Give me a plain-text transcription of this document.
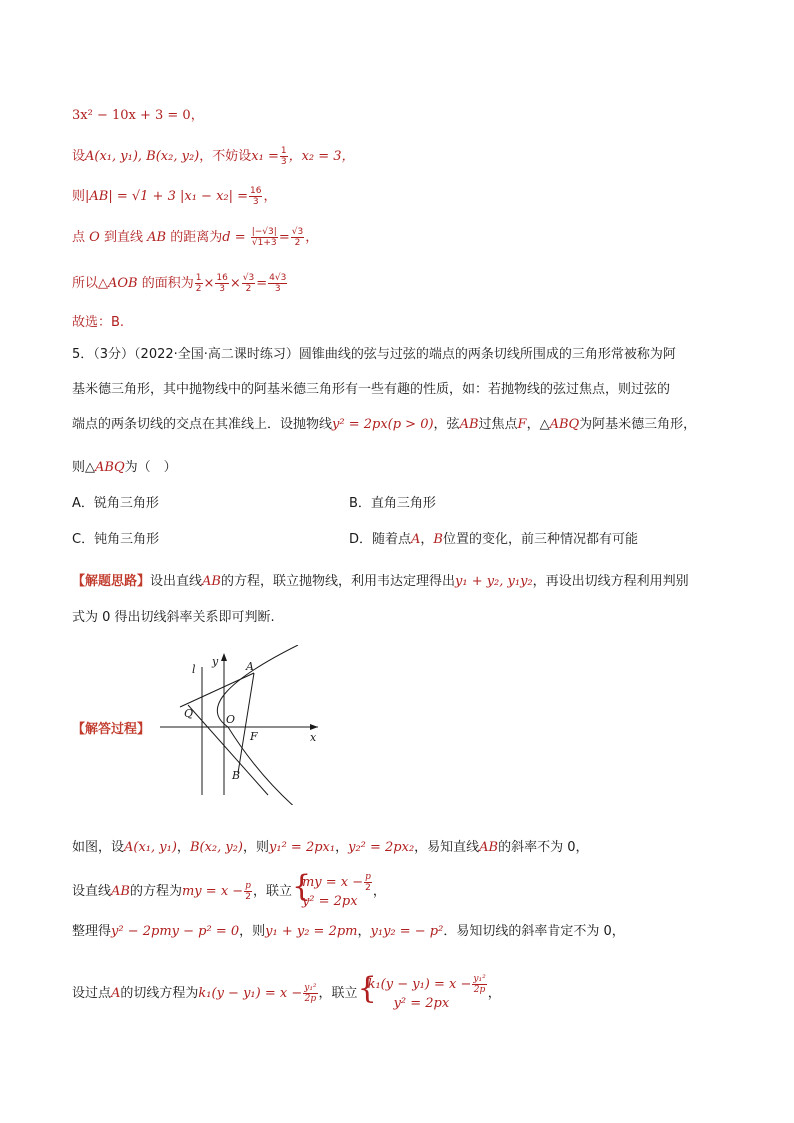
3x² − 10x + 3 = 0，
设A(x₁, y₁), B(x₂, y₂)，不妨设$x_1 = \frac{1}{3}$ ，x₂ = 3，
则|AB| = √1 + 3 $|x_1 - x_2| = \frac{16}{3}$ ，
点 O 到直线 AB 的距离为$d = \frac{|-√3|}{√1+3} = \frac{√3}{2}$ ，
所以△AOB 的面积为 $\frac{1}{2} \times \frac{16}{3} \times \frac{√3}{2} = \frac{4√3}{3}$
故选：B.
5．（3分）（2022·全国·高二课时练习）圆锥曲线的弦与过弦的端点的两条切线所围成的三角形常被称为阿
基米德三角形，其中抛物线中的阿基米德三角形有一些有趣的性质，如：若抛物线的弦过焦点，则过弦的
端点的两条切线的交点在其准线上．设抛物线y² = 2px(p > 0)，弦AB过焦点F，△ABQ为阿基米德三角形，
则△ABQ为（　）
A．锐角三角形	B．直角三角形
C．钝角三角形	D．随着点A，B位置的变化，前三种情况都有可能
【解题思路】设出直线AB的方程，联立抛物线，利用韦达定理得出y₁ + y₂, y₁y₂，再设出切线方程利用判别
式为 0 得出切线斜率关系即可判断.
【解答过程】
l
y	A
Q	O
F	x
B
如图，设A(x₁, y₁)，B(x₂, y₂)，则y₁² = 2px₁，y₂² = 2px₂，易知直线AB的斜率不为 0，
设直线AB的方程为my = $x - \frac{p}{2}$ ，联立 {
my = $x - \frac{p}{2}$
y² = 2px
，
整理得y² − 2pmy − p² = 0，则y₁ + y₂ = 2pm，y₁y₂ = − p²．易知切线的斜率肯定不为 0，
设过点A的切线方程为$k_1(y - y_1) = x - \frac{\text{y₁²}}{2p}$ ，联立 {
$k_1(y - y_1) = x - \frac{\text{y₁²}}{2p}$
y² = 2px
，
